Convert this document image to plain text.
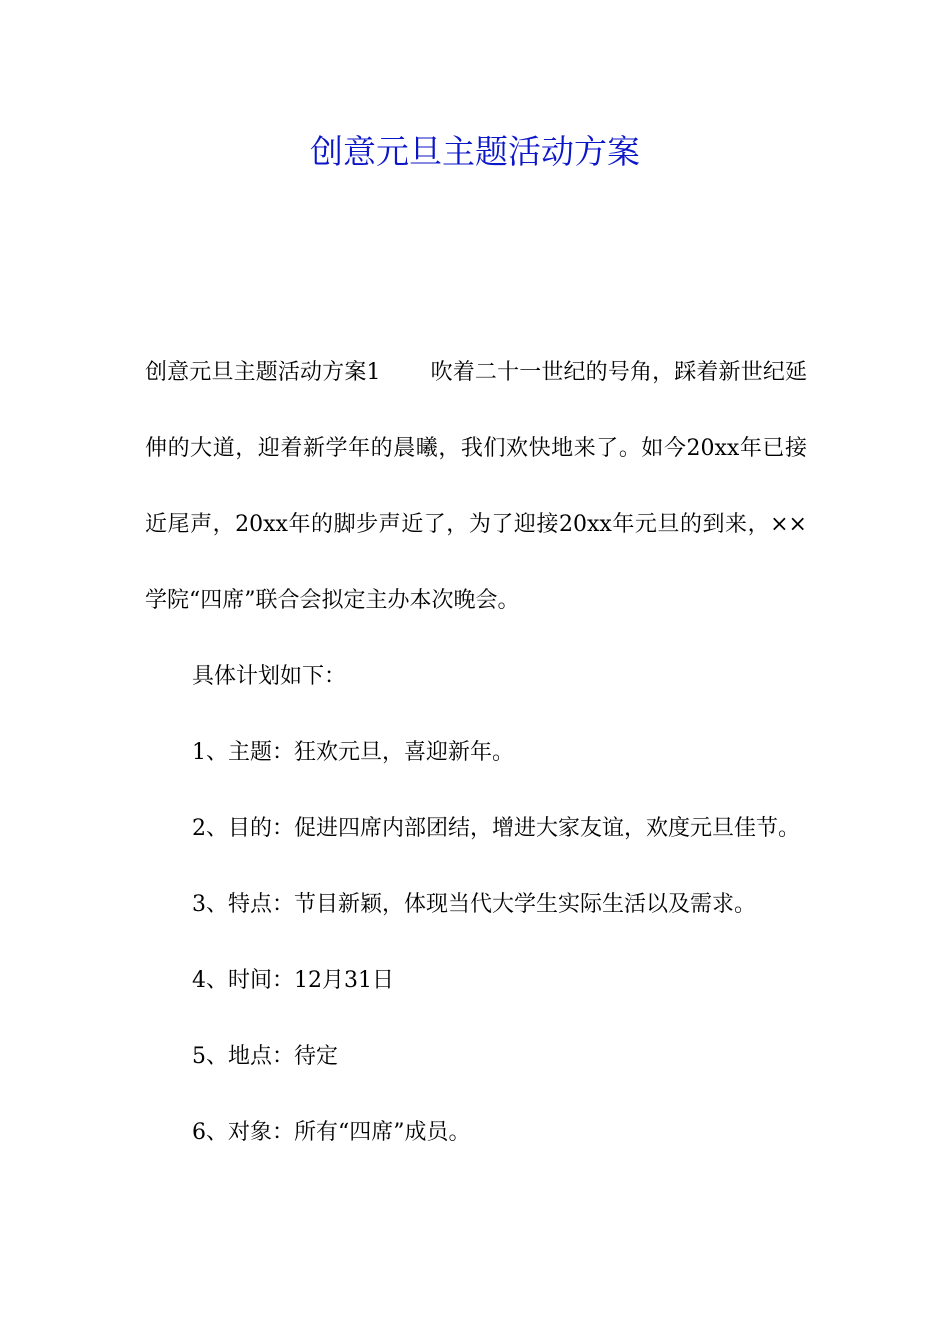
创意元旦主题活动方案

创意元旦主题活动方案1 吹着二十一世纪的号角，踩着新世纪延伸的大道，迎着新学年的晨曦，我们欢快地来了。如今20xx年已接近尾声，20xx年的脚步声近了，为了迎接20xx年元旦的到来，××学院“四席”联合会拟定主办本次晚会。

具体计划如下：

1、主题：狂欢元旦，喜迎新年。

2、目的：促进四席内部团结，增进大家友谊，欢度元旦佳节。

3、特点：节目新颖，体现当代大学生实际生活以及需求。

4、时间：12月31日

5、地点：待定

6、对象：所有“四席”成员。
